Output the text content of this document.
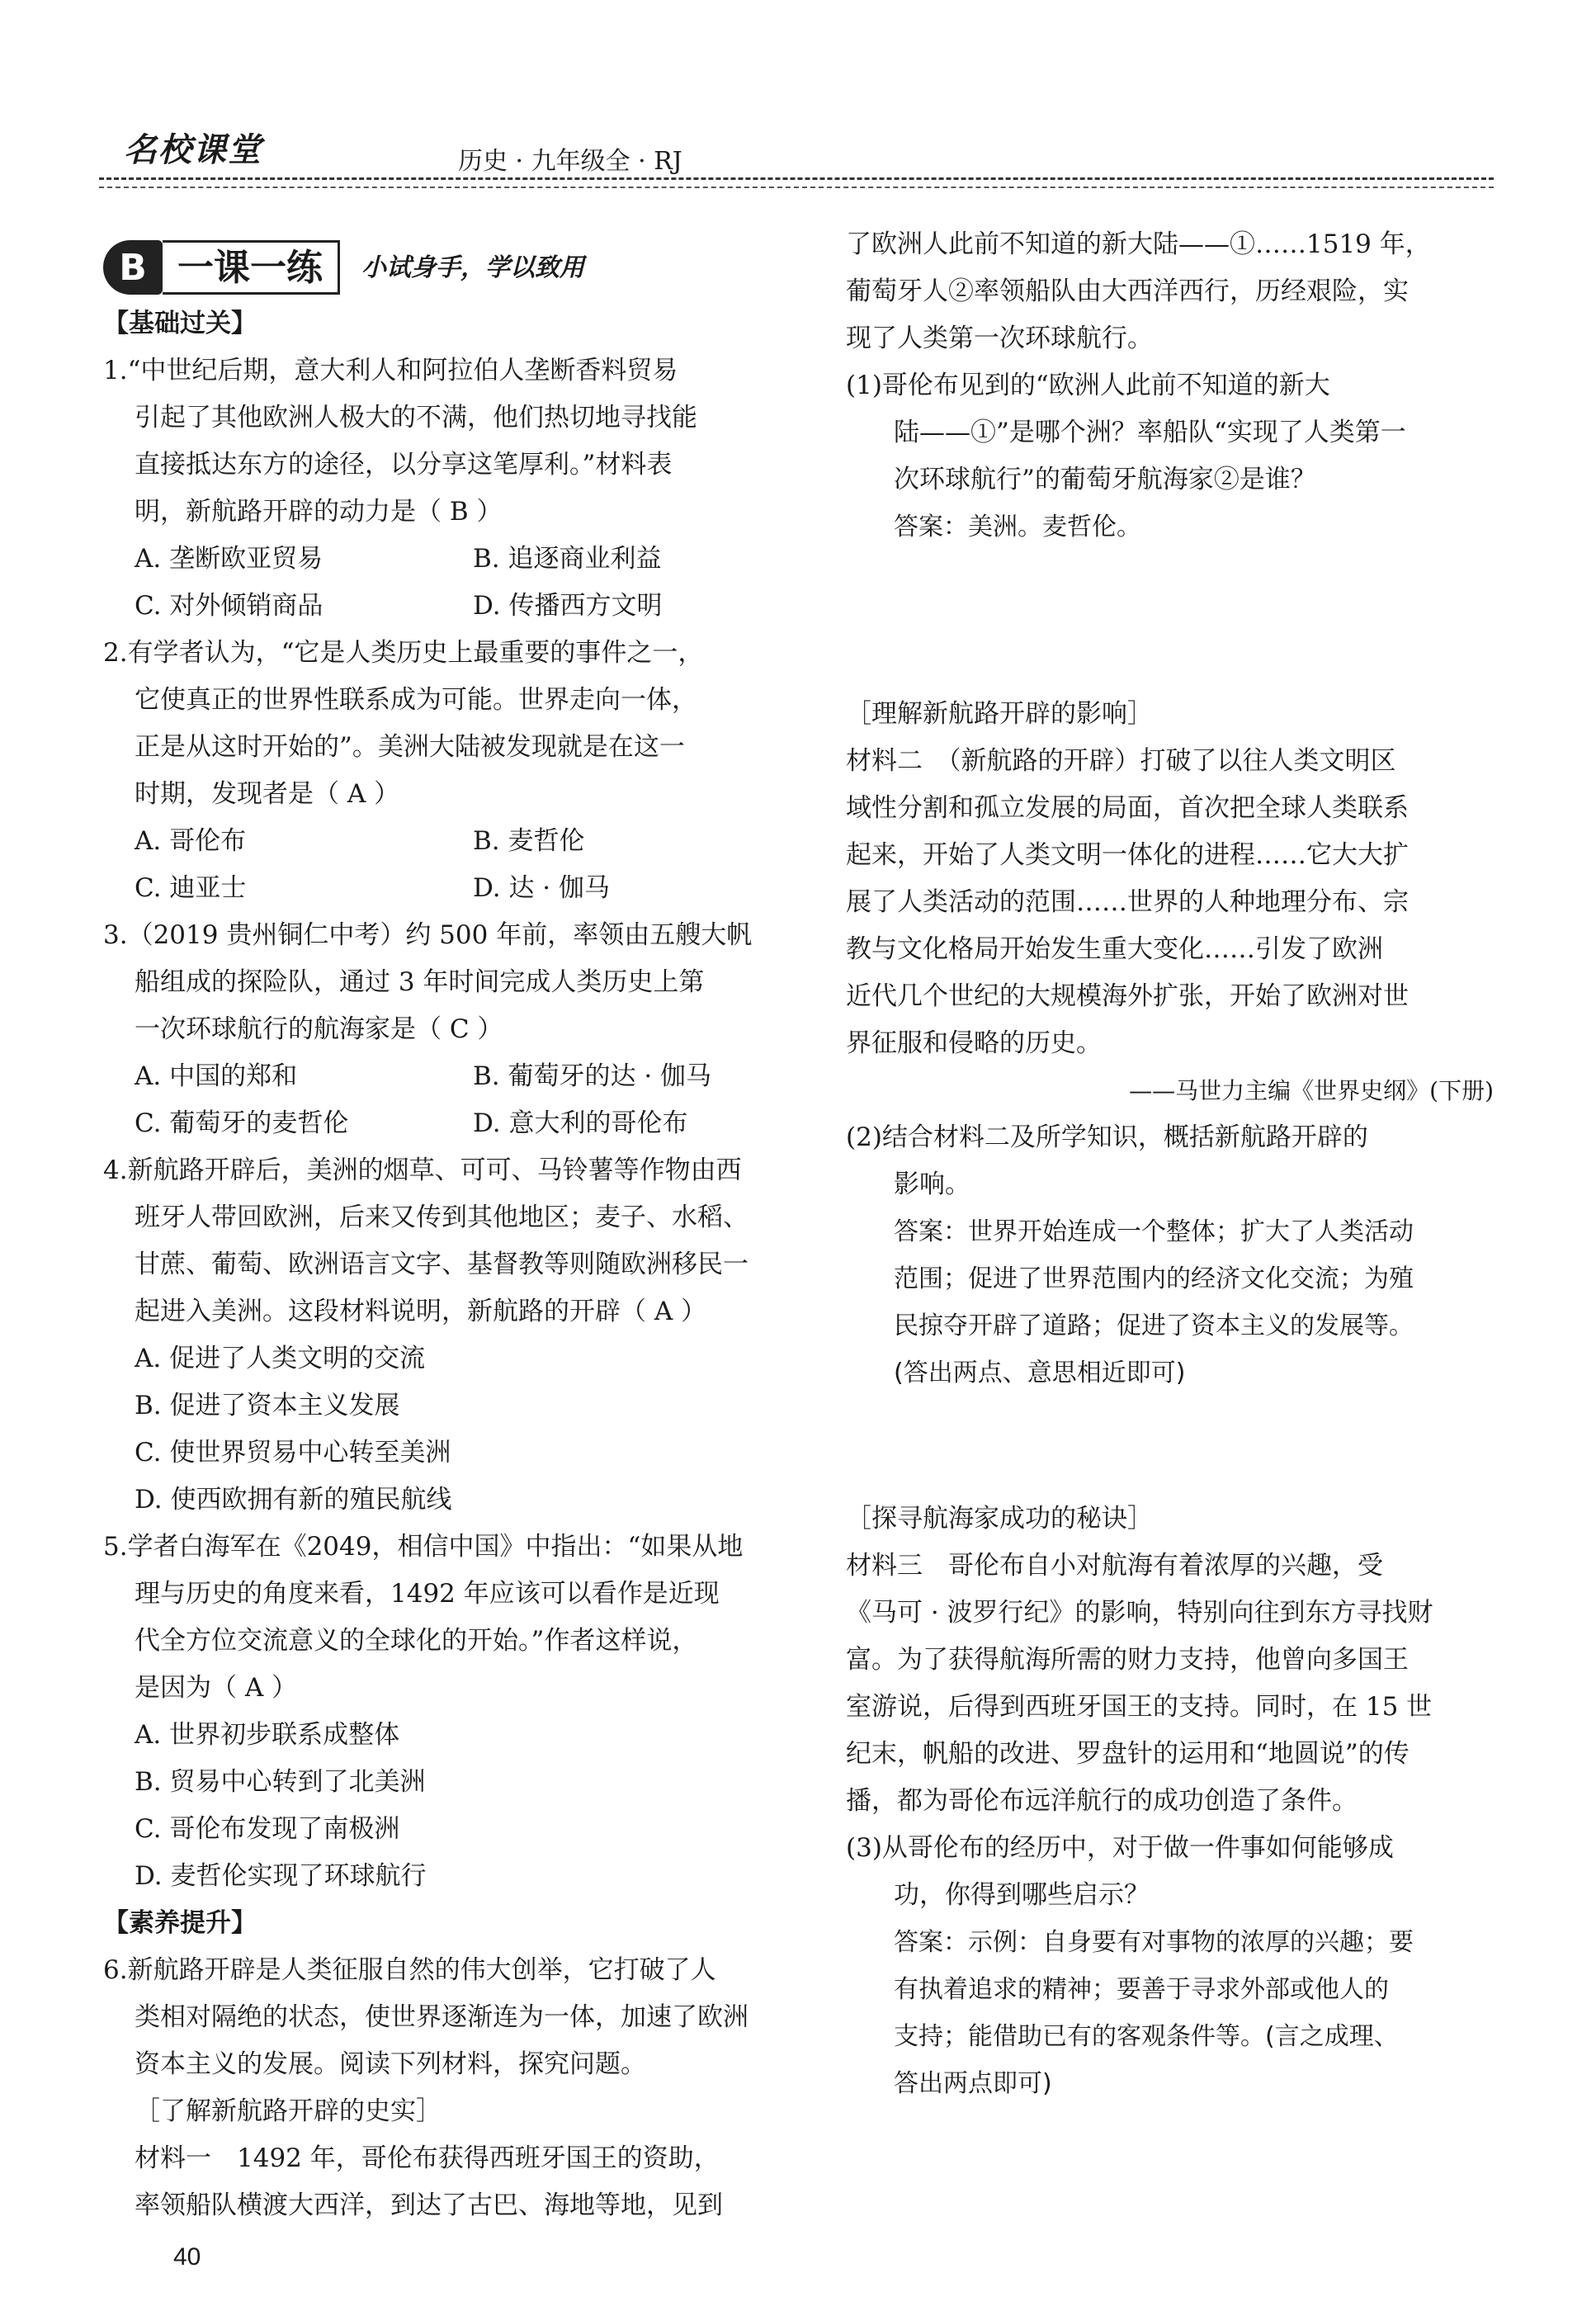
名校课堂	历史 · 九年级全 · RJ
B 一课一练	小试身手，学以致用

【基础过关】

1.“中世纪后期，意大利人和阿拉伯人垄断香料贸易

引起了其他欧洲人极大的不满，他们热切地寻找能

直接抵达东方的途径，以分享这笔厚利。”材料表

明，新航路开辟的动力是（ B ）

A. 垄断欧亚贸易	B. 追逐商业利益
C. 对外倾销商品	D. 传播西方文明

2.有学者认为，“它是人类历史上最重要的事件之一，

它使真正的世界性联系成为可能。世界走向一体，

正是从这时开始的”。美洲大陆被发现就是在这一

时期，发现者是（ A ）

A. 哥伦布	B. 麦哲伦
C. 迪亚士	D. 达 · 伽马

3.（2019 贵州铜仁中考）约 500 年前，率领由五艘大帆

船组成的探险队，通过 3 年时间完成人类历史上第

一次环球航行的航海家是（ C ）

A. 中国的郑和	B. 葡萄牙的达 · 伽马
C. 葡萄牙的麦哲伦	D. 意大利的哥伦布

4.新航路开辟后，美洲的烟草、可可、马铃薯等作物由西

班牙人带回欧洲，后来又传到其他地区；麦子、水稻、

甘蔗、葡萄、欧洲语言文字、基督教等则随欧洲移民一

起进入美洲。这段材料说明，新航路的开辟（ A ）

A. 促进了人类文明的交流

B. 促进了资本主义发展

C. 使世界贸易中心转至美洲

D. 使西欧拥有新的殖民航线

5.学者白海军在《2049，相信中国》中指出：“如果从地

理与历史的角度来看，1492 年应该可以看作是近现

代全方位交流意义的全球化的开始。”作者这样说，

是因为（ A ）

A. 世界初步联系成整体

B. 贸易中心转到了北美洲

C. 哥伦布发现了南极洲

D. 麦哲伦实现了环球航行

【素养提升】

6.新航路开辟是人类征服自然的伟大创举，它打破了人

类相对隔绝的状态，使世界逐渐连为一体，加速了欧洲

资本主义的发展。阅读下列材料，探究问题。

［了解新航路开辟的史实］

材料一　1492 年，哥伦布获得西班牙国王的资助，

率领船队横渡大西洋，到达了古巴、海地等地，见到

了欧洲人此前不知道的新大陆——①……1519 年，

葡萄牙人②率领船队由大西洋西行，历经艰险，实

现了人类第一次环球航行。

(1)哥伦布见到的“欧洲人此前不知道的新大

陆——①”是哪个洲？率船队“实现了人类第一

次环球航行”的葡萄牙航海家②是谁？

答案：美洲。麦哲伦。

［理解新航路开辟的影响］

材料二　（新航路的开辟）打破了以往人类文明区

域性分割和孤立发展的局面，首次把全球人类联系

起来，开始了人类文明一体化的进程……它大大扩

展了人类活动的范围……世界的人种地理分布、宗

教与文化格局开始发生重大变化……引发了欧洲

近代几个世纪的大规模海外扩张，开始了欧洲对世

界征服和侵略的历史。

——马世力主编《世界史纲》(下册)

(2)结合材料二及所学知识，概括新航路开辟的

影响。

答案：世界开始连成一个整体；扩大了人类活动

范围；促进了世界范围内的经济文化交流；为殖

民掠夺开辟了道路；促进了资本主义的发展等。

(答出两点、意思相近即可)

［探寻航海家成功的秘诀］

材料三　哥伦布自小对航海有着浓厚的兴趣，受

《马可 · 波罗行纪》的影响，特别向往到东方寻找财

富。为了获得航海所需的财力支持，他曾向多国王

室游说，后得到西班牙国王的支持。同时，在 15 世

纪末，帆船的改进、罗盘针的运用和“地圆说”的传

播，都为哥伦布远洋航行的成功创造了条件。

(3)从哥伦布的经历中，对于做一件事如何能够成

功，你得到哪些启示？

答案：示例：自身要有对事物的浓厚的兴趣；要

有执着追求的精神；要善于寻求外部或他人的

支持；能借助已有的客观条件等。(言之成理、

答出两点即可)

40
